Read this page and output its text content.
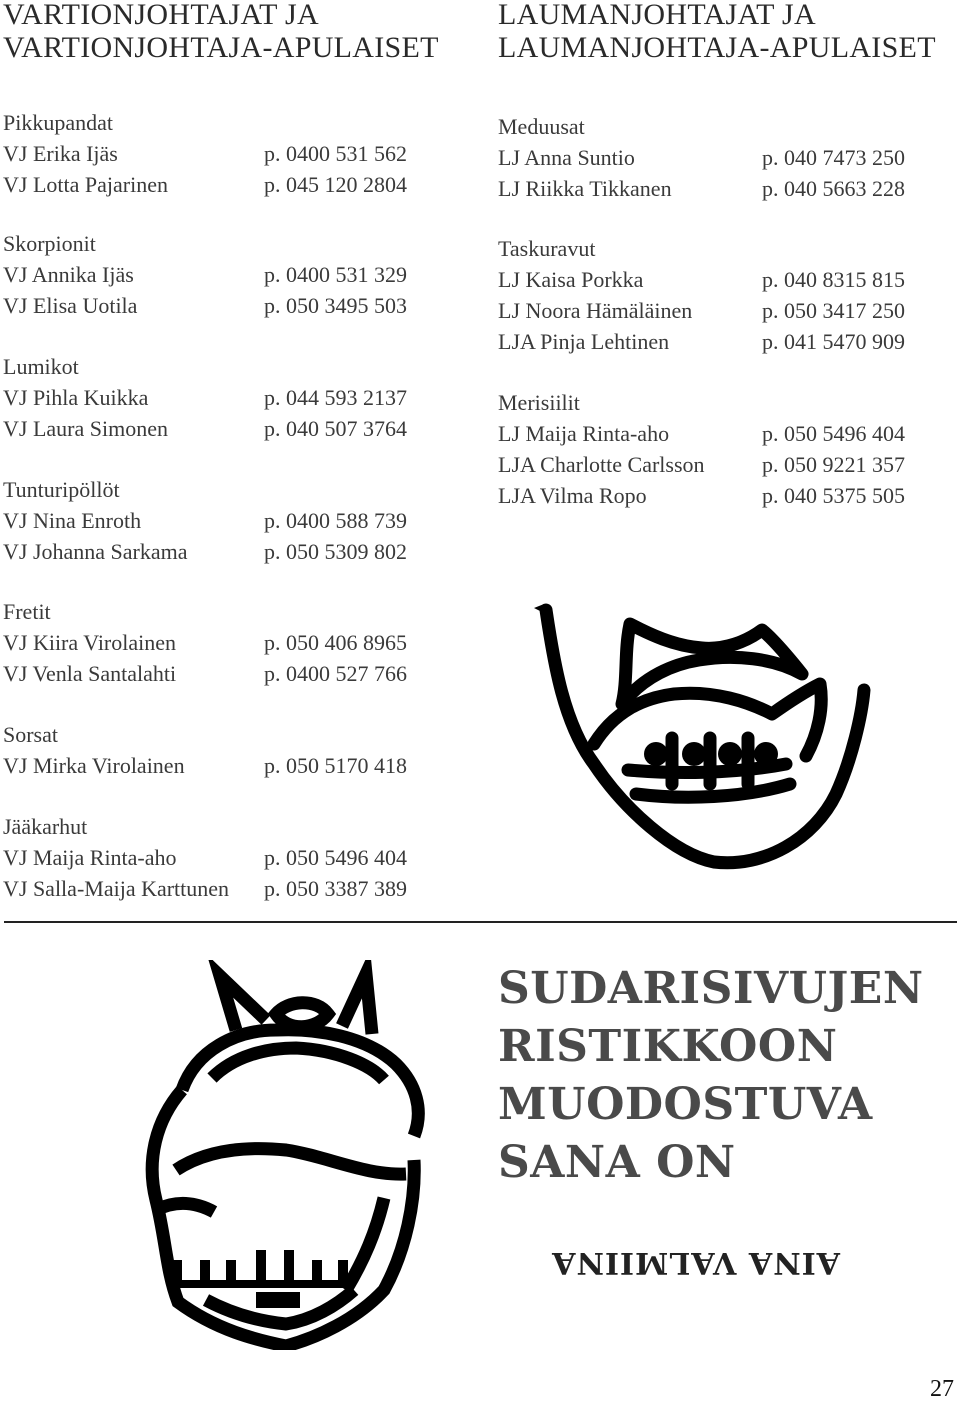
VARTIONJOHTAJAT JA
VARTIONJOHTAJA-APULAISET
LAUMANJOHTAJAT JA
LAUMANJOHTAJA-APULAISET
Pikkupandat
VJ Erika Ijäs	p. 0400 531 562
VJ Lotta Pajarinen	p. 045 120 2804
Skorpionit
VJ Annika Ijäs	p. 0400 531 329
VJ Elisa Uotila	p. 050 3495 503
Lumikot
VJ Pihla Kuikka	p. 044 593 2137
VJ Laura Simonen	p. 040 507 3764
Tunturipöllöt
VJ Nina Enroth	p. 0400 588 739
VJ Johanna Sarkama	p. 050 5309 802
Fretit
VJ Kiira Virolainen	p. 050 406 8965
VJ Venla Santalahti	p. 0400 527 766
Sorsat
VJ Mirka Virolainen	p. 050 5170 418
Jääkarhut
VJ Maija Rinta-aho	p. 050 5496 404
VJ Salla-Maija Karttunen	p. 050 3387 389
Meduusat
LJ Anna Suntio	p. 040 7473 250
LJ Riikka Tikkanen	p. 040 5663 228
Taskuravut
LJ Kaisa Porkka	p. 040 8315 815
LJ Noora Hämäläinen	p. 050 3417 250
LJA Pinja Lehtinen	p. 041 5470 909
Merisiilit
LJ Maija Rinta-aho	p. 050 5496 404
LJA Charlotte Carlsson	p. 050 9221 357
LJA Vilma Ropo	p. 040 5375 505
SUDARISIVUJEN
RISTIKKOON
MUODOSTUVA
SANA ON
AINA VALMIINA
27
